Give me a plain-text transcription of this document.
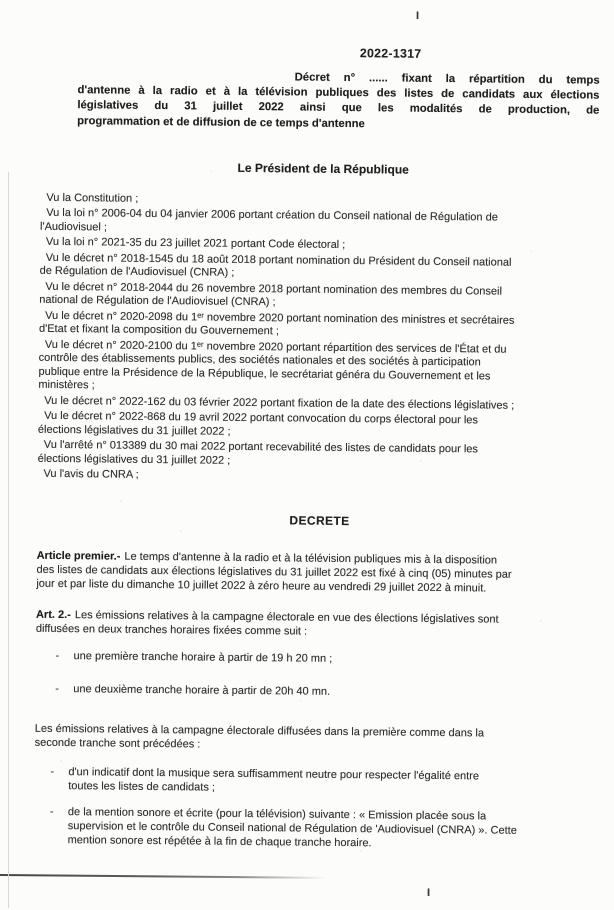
I
2022-1317

Décret n° ...... fixant la répartition du temps
d'antenne à la radio et à la télévision publiques des listes de candidats aux élections
législatives du 31 juillet 2022 ainsi que les modalités de production, de

programmation et de diffusion de ce temps d'antenne

Le Président de la République

Vu la Constitution ;

Vu la loi n° 2006-04 du 04 janvier 2006 portant création du Conseil national de Régulation de
l'Audiovisuel ;

Vu la loi n° 2021-35 du 23 juillet 2021 portant Code électoral ;

Vu le décret n° 2018-1545 du 18 août 2018 portant nomination du Président du Conseil national
de Régulation de l'Audiovisuel (CNRA) ;

Vu le décret n° 2018-2044 du 26 novembre 2018 portant nomination des membres du Conseil
national de Régulation de l'Audiovisuel (CNRA) ;

Vu le décret n° 2020-2098 du 1ᵉʳ novembre 2020 portant nomination des ministres et secrétaires
d'Etat et fixant la composition du Gouvernement ;

Vu le décret n° 2020-2100 du 1ᵉʳ novembre 2020 portant répartition des services de l'État et du
contrôle des établissements publics, des sociétés nationales et des sociétés à participation
publique entre la Présidence de la République, le secrétariat généra du Gouvernement et les
ministères ;

Vu le décret n° 2022-162 du 03 février 2022 portant fixation de la date des élections législatives ;

Vu le décret n° 2022-868 du 19 avril 2022 portant convocation du corps électoral pour les
élections législatives du 31 juillet 2022 ;

Vu l'arrêté n° 013389 du 30 mai 2022 portant recevabilité des listes de candidats pour les
élections législatives du 31 juillet 2022 ;

Vu l'avis du CNRA ;

DECRETE

Article premier.- Le temps d'antenne à la radio et à la télévision publiques mis à la disposition
des listes de candidats aux élections législatives du 31 juillet 2022 est fixé à cinq (05) minutes par
jour et par liste du dimanche 10 juillet 2022 à zéro heure au vendredi 29 juillet 2022 à minuit.

Art. 2.- Les émissions relatives à la campagne électorale en vue des élections législatives sont
diffusées en deux tranches horaires fixées comme suit :

- une première tranche horaire à partir de 19 h 20 mn ;
- une deuxième tranche horaire à partir de 20h 40 mn.

Les émissions relatives à la campagne électorale diffusées dans la première comme dans la
seconde tranche sont précédées :

- d'un indicatif dont la musique sera suffisamment neutre pour respecter l'égalité entre
toutes les listes de candidats ;
- de la mention sonore et écrite (pour la télévision) suivante : « Emission placée sous la
supervision et le contrôle du Conseil national de Régulation de 'Audiovisuel (CNRA) ». Cette
mention sonore est répétée à la fin de chaque tranche horaire.
I
